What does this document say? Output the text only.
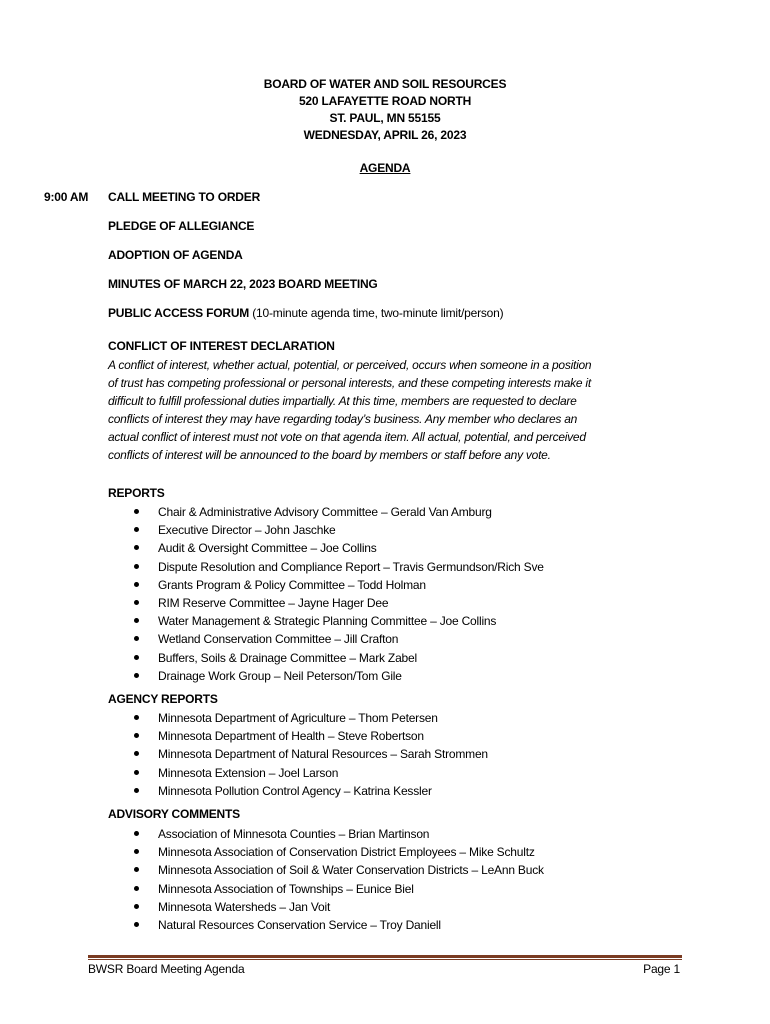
BOARD OF WATER AND SOIL RESOURCES
520 LAFAYETTE ROAD NORTH
ST. PAUL, MN 55155
WEDNESDAY, APRIL 26, 2023
AGENDA
9:00 AM CALL MEETING TO ORDER
PLEDGE OF ALLEGIANCE
ADOPTION OF AGENDA
MINUTES OF MARCH 22, 2023 BOARD MEETING
PUBLIC ACCESS FORUM (10-minute agenda time, two-minute limit/person)
CONFLICT OF INTEREST DECLARATION
A conflict of interest, whether actual, potential, or perceived, occurs when someone in a position of trust has competing professional or personal interests, and these competing interests make it difficult to fulfill professional duties impartially. At this time, members are requested to declare conflicts of interest they may have regarding today’s business. Any member who declares an actual conflict of interest must not vote on that agenda item. All actual, potential, and perceived conflicts of interest will be announced to the board by members or staff before any vote.
REPORTS
Chair & Administrative Advisory Committee – Gerald Van Amburg
Executive Director – John Jaschke
Audit & Oversight Committee – Joe Collins
Dispute Resolution and Compliance Report – Travis Germundson/Rich Sve
Grants Program & Policy Committee – Todd Holman
RIM Reserve Committee – Jayne Hager Dee
Water Management & Strategic Planning Committee – Joe Collins
Wetland Conservation Committee – Jill Crafton
Buffers, Soils & Drainage Committee – Mark Zabel
Drainage Work Group – Neil Peterson/Tom Gile
AGENCY REPORTS
Minnesota Department of Agriculture – Thom Petersen
Minnesota Department of Health – Steve Robertson
Minnesota Department of Natural Resources – Sarah Strommen
Minnesota Extension – Joel Larson
Minnesota Pollution Control Agency – Katrina Kessler
ADVISORY COMMENTS
Association of Minnesota Counties – Brian Martinson
Minnesota Association of Conservation District Employees – Mike Schultz
Minnesota Association of Soil & Water Conservation Districts – LeAnn Buck
Minnesota Association of Townships – Eunice Biel
Minnesota Watersheds – Jan Voit
Natural Resources Conservation Service – Troy Daniell
BWSR Board Meeting Agenda	Page 1
